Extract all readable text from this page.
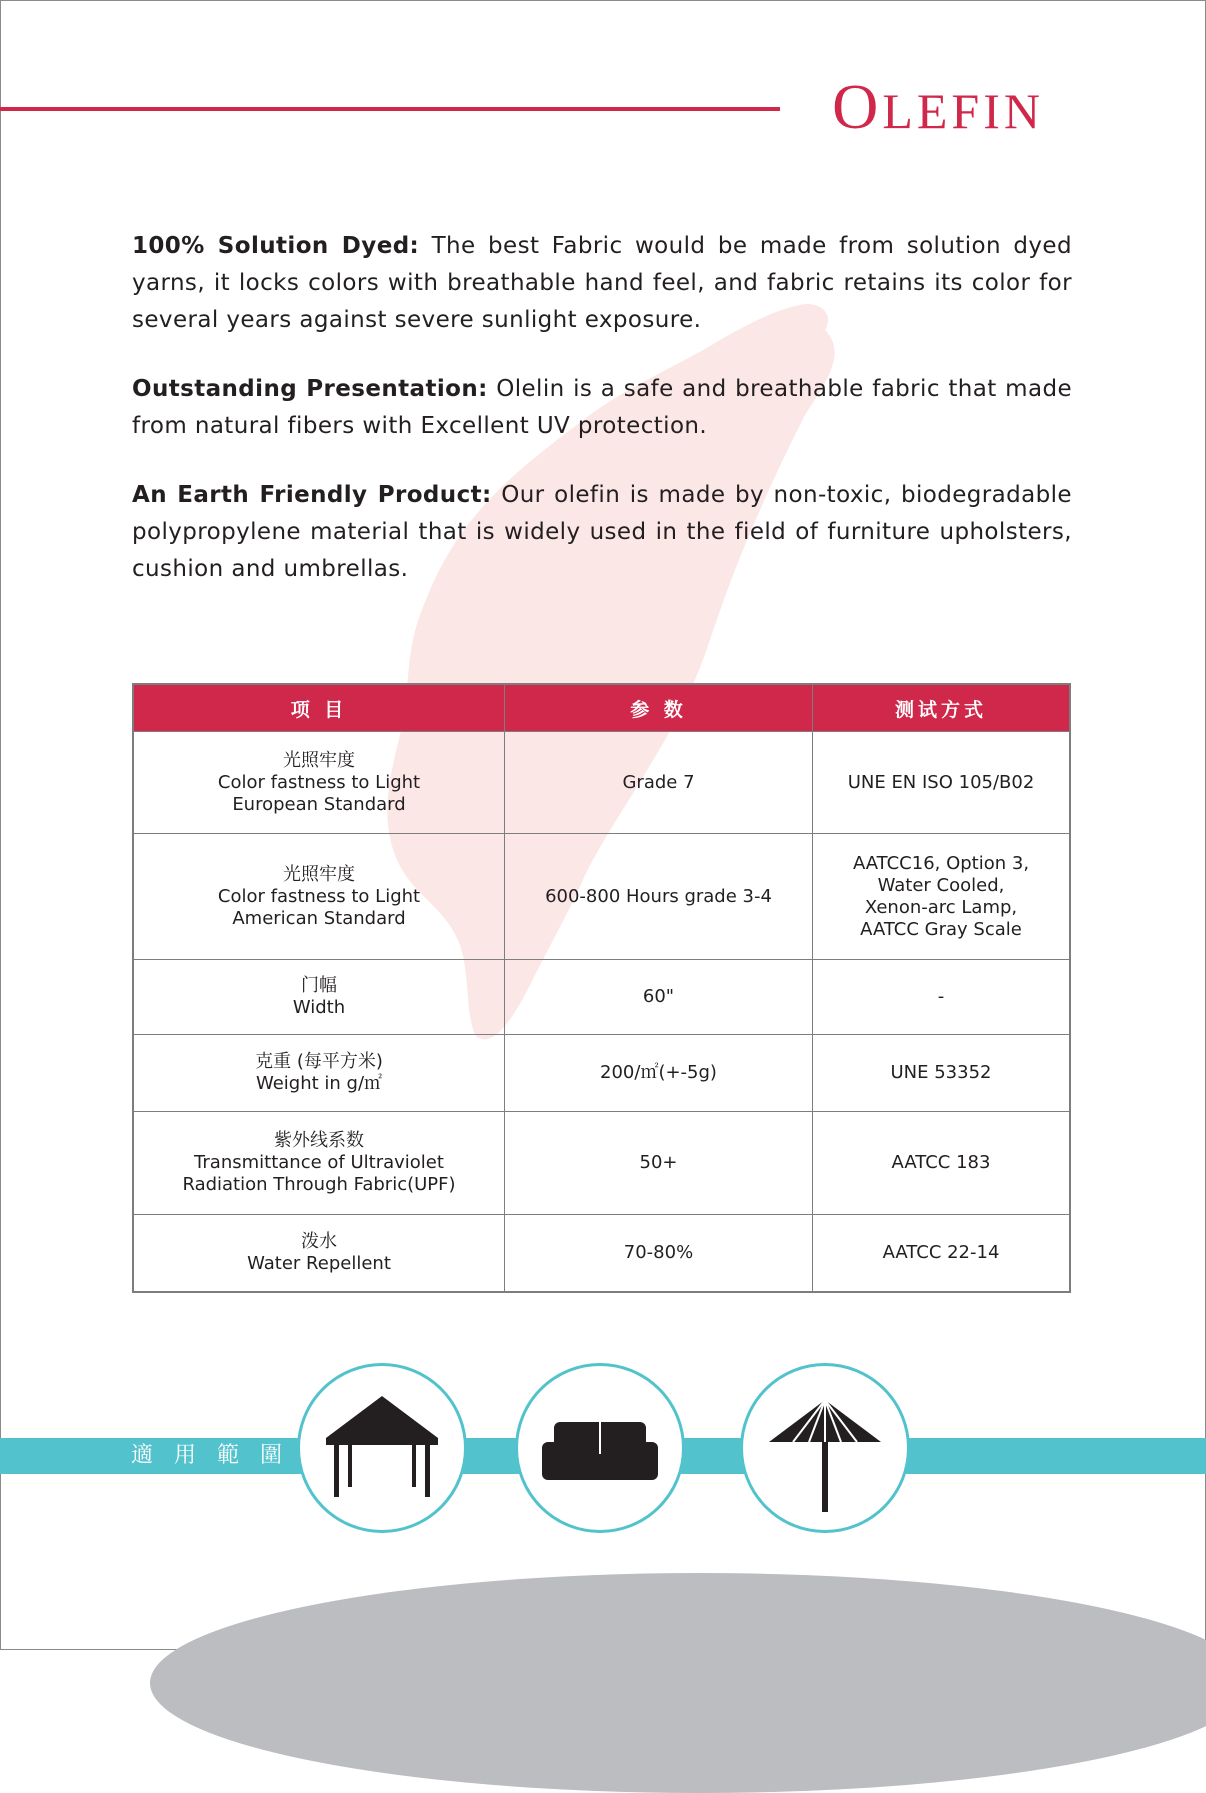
OLEFIN

100% Solution Dyed: The best Fabric would be made from solution dyed yarns, it locks colors with breathable hand feel, and fabric retains its color for several years against severe sunlight exposure.

Outstanding Presentation: Olelin is a safe and breathable fabric that made from natural fibers with Excellent UV protection.

An Earth Friendly Product: Our olefin is made by non-toxic, biodegradable polypropylene material that is widely used in the field of furniture upholsters, cushion and umbrellas.

项 目	参 数	测试方式

光照牢度
Color fastness to Light
European Standard	Grade 7	UNE EN ISO 105/B02

光照牢度
Color fastness to Light
American Standard	600-800 Hours grade 3-4	AATCC16, Option 3,
Water Cooled,
Xenon-arc Lamp,
AATCC Gray Scale

门幅
Width	60"	-

克重 (每平方米)
Weight in g/㎡	200/㎡(+-5g)	UNE 53352

紫外线系数
Transmittance of Ultraviolet
Radiation Through Fabric(UPF)	50+	AATCC 183

泼水
Water Repellent	70-80%	AATCC 22-14
適 用 範 圍
